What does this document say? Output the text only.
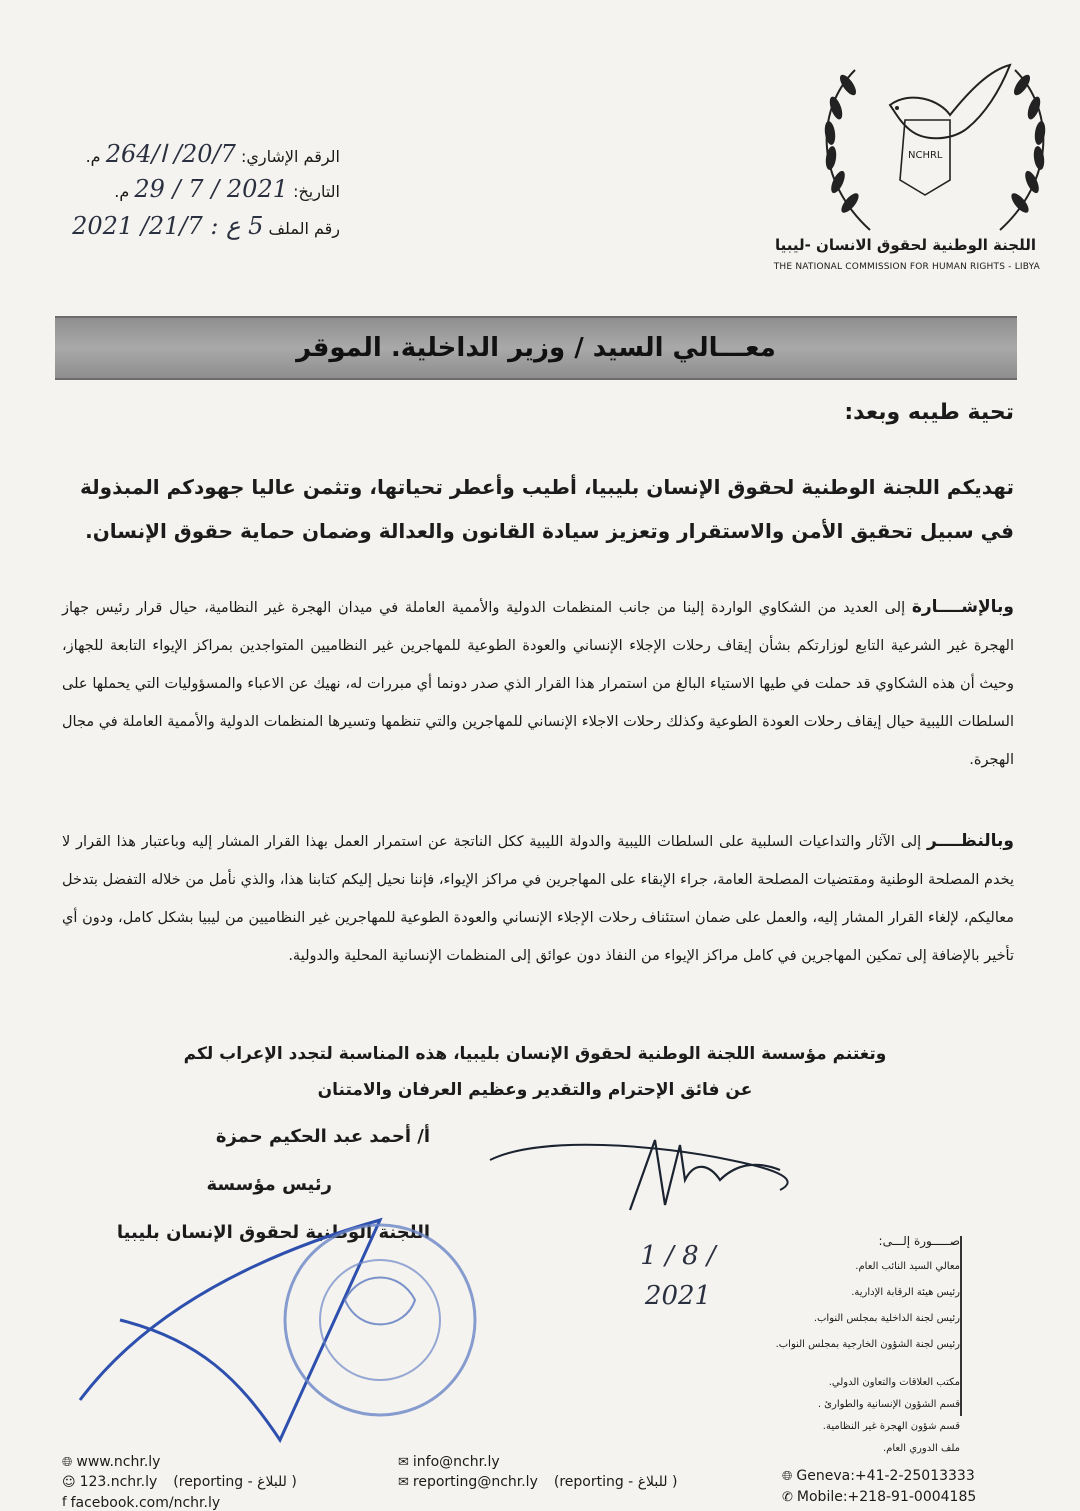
NCHRL
اللجنة الوطنية لحقوق الانسان -ليبيا
THE NATIONAL COMMISSION FOR HUMAN RIGHTS - LIBYA
الرقم الإشاري: 20/7/ ا/264 م.
التاريخ: 2021 / 7 / 29 م.
رقم الملف 5 ع : 21/7/ 2021
معـــالي السيد / وزير الداخلية. الموقر
تحية طيبه وبعد:
تهديكم اللجنة الوطنية لحقوق الإنسان بليبيا، أطيب وأعطر تحياتها، وتثمن عاليا جهودكم المبذولة في سبيل تحقيق الأمن والاستقرار وتعزيز سيادة القانون والعدالة وضمان حماية حقوق الإنسان.
وبالإشــــارة إلى العديد من الشكاوي الواردة إلينا من جانب المنظمات الدولية والأممية العاملة في ميدان الهجرة غير النظامية، حيال قرار رئيس جهاز الهجرة غير الشرعية التابع لوزارتكم بشأن إيقاف رحلات الإجلاء الإنساني والعودة الطوعية للمهاجرين غير النظاميين المتواجدين بمراكز الإيواء التابعة للجهاز، وحيث أن هذه الشكاوي قد حملت في طيها الاستياء البالغ من استمرار هذا القرار الذي صدر دونما أي مبررات له، نهيك عن الاعباء والمسؤوليات التي يحملها على السلطات الليبية حيال إيقاف رحلات العودة الطوعية وكذلك رحلات الاجلاء الإنساني للمهاجرين والتي تنظمها وتسيرها المنظمات الدولية والأممية العاملة في مجال الهجرة.
وبالنظــــر إلى الآثار والتداعيات السلبية على السلطات الليبية والدولة الليبية ككل الناتجة عن استمرار العمل بهذا القرار المشار إليه وباعتبار هذا القرار لا يخدم المصلحة الوطنية ومقتضيات المصلحة العامة، جراء الإبقاء على المهاجرين في مراكز الإيواء، فإننا نحيل إليكم كتابنا هذا، والذي نأمل من خلاله التفضل بتدخل معاليكم، لإلغاء القرار المشار إليه، والعمل على ضمان استئناف رحلات الإجلاء الإنساني والعودة الطوعية للمهاجرين غير النظاميين من ليبيا بشكل كامل، ودون أي تأخير بالإضافة إلى تمكين المهاجرين في كامل مراكز الإيواء من النفاذ دون عوائق إلى المنظمات الإنسانية المحلية والدولية.
وتغتنم مؤسسة اللجنة الوطنية لحقوق الإنسان بليبيا، هذه المناسبة لتجدد الإعراب لكم
عن فائق الإحترام والتقدير وعظيم العرفان والامتنان
أ/ أحمد عبد الحكيم حمزة
رئيس مؤسسة
اللجنة الوطنية لحقوق الإنسان بليبيا
1 / 8 / 2021
صـــــورة إلـــى:
معالي السيد النائب العام.
رئيس هيئة الرقابة الإدارية.
رئيس لجنة الداخلية بمجلس النواب.
رئيس لجنة الشؤون الخارجية بمجلس النواب.
مكتب العلاقات والتعاون الدولي.
قسم الشؤون الإنسانية والطوارئ .
قسم شؤون الهجرة غير النظامية.
ملف الدوري العام.
🌐︎ www.nchr.ly
☺ 123.nchr.ly (reporting - للبلاغ )
f facebook.com/nchr.ly
✉ info@nchr.ly
✉ reporting@nchr.ly (reporting - للبلاغ )	🌐︎ Geneva:+41-2-25013333
✆ Mobile:+218-91-0004185
